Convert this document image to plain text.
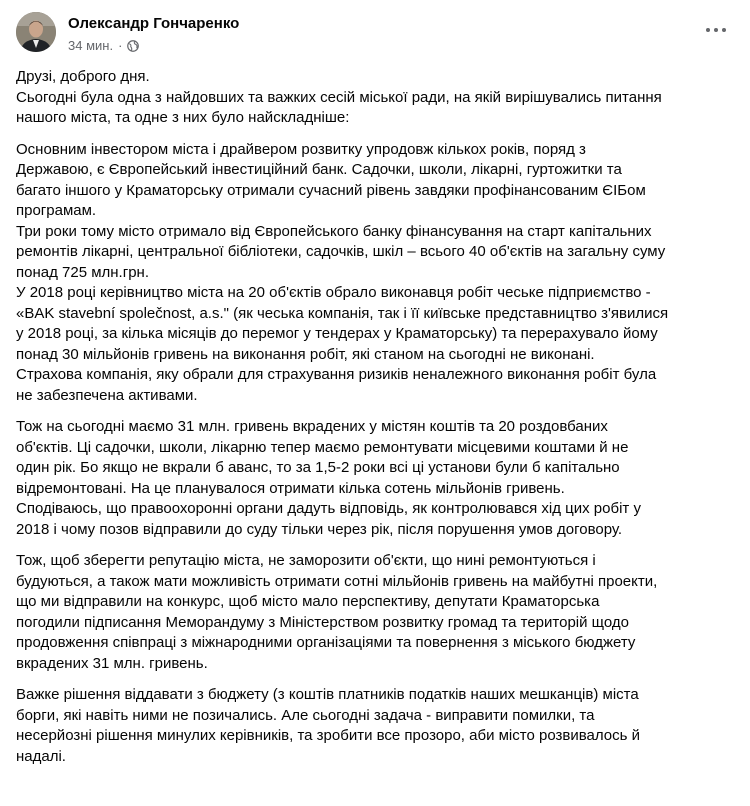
Олександр Гончаренко
34 мин. ·

Друзі, доброго дня.
Сьогодні була одна з найдовших та важких сесій міської ради, на якій вирішувались питання
нашого міста, та одне з них було найскладніше:

Основним інвестором міста і драйвером розвитку упродовж кількох років, поряд з
Державою, є Європейський інвестиційний банк. Садочки, школи, лікарні, гуртожитки та
багато іншого у Краматорську отримали сучасний рівень завдяки профінансованим ЄІБом
програмам.
Три роки тому місто отримало від Європейського банку фінансування на старт капітальних
ремонтів лікарні, центральної бібліотеки, садочків, шкіл – всього 40 об'єктів на загальну суму
понад 725 млн.грн.
У 2018 році керівництво міста на 20 об'єктів обрало виконавця робіт чеське підприємство -
«BAK stavební společnost, a.s." (як чеська компанія, так і її київське представництво з'явилися
у 2018 році, за кілька місяців до перемог у тендерах у Краматорську) та перерахувало йому
понад 30 мільйонів гривень на виконання робіт, які станом на сьогодні не виконані.
Страхова компанія, яку обрали для страхування ризиків неналежного виконання робіт була
не забезпечена активами.

Тож на сьогодні маємо 31 млн. гривень вкрадених у містян коштів та 20 роздовбаних
об'єктів. Ці садочки, школи, лікарню тепер маємо ремонтувати місцевими коштами й не
один рік. Бо якщо не вкрали б аванс, то за 1,5-2 роки всі ці установи були б капітально
відремонтовані. На це планувалося отримати кілька сотень мільйонів гривень.
Сподіваюсь, що правоохоронні органи дадуть відповідь, як контролювався хід цих робіт у
2018 і чому позов відправили до суду тільки через рік, після порушення умов договору.

Тож, щоб зберегти репутацію міста, не заморозити об'єкти, що нині ремонтуються і
будуються, а також мати можливість отримати сотні мільйонів гривень на майбутні проекти,
що ми відправили на конкурс, щоб місто мало перспективу, депутати Краматорська
погодили підписання Меморандуму з Міністерством розвитку громад та територій щодо
продовження співпраці з міжнародними організаціями та повернення з міського бюджету
вкрадених 31 млн. гривень.

Важке рішення віддавати з бюджету (з коштів платників податків наших мешканців) міста
борги, які навіть ними не позичались. Але сьогодні задача - виправити помилки, та
несерйозні рішення минулих керівників, та зробити все прозоро, аби місто розвивалось й
надалі.
